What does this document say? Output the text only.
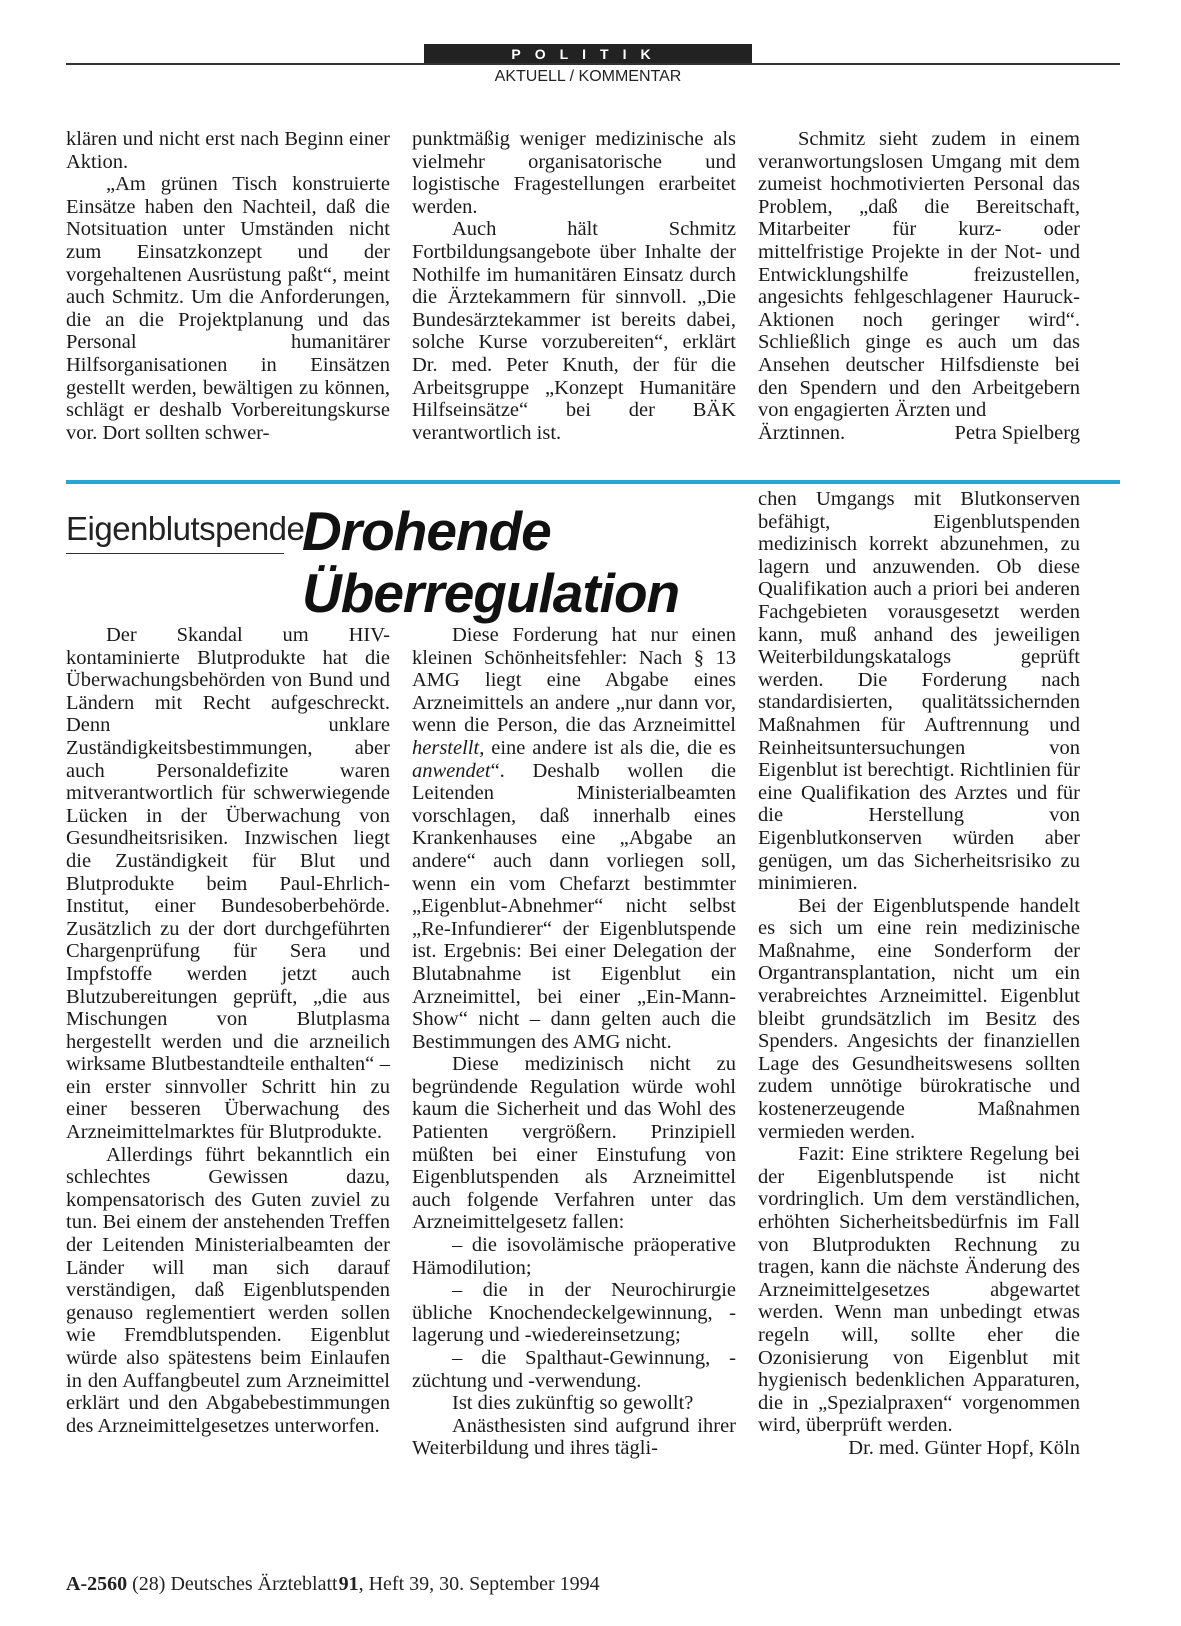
POLITIK
AKTUELL / KOMMENTAR

klären und nicht erst nach Beginn einer Aktion.

„Am grünen Tisch konstruierte Einsätze haben den Nachteil, daß die Notsituation unter Umständen nicht zum Einsatzkonzept und der vorgehaltenen Ausrüstung paßt“, meint auch Schmitz. Um die Anforderungen, die an die Projektplanung und das Personal humanitärer Hilfsorganisationen in Einsätzen gestellt werden, bewältigen zu können, schlägt er deshalb Vorbereitungskurse vor. Dort sollten schwer-

punktmäßig weniger medizinische als vielmehr organisatorische und logistische Fragestellungen erarbeitet werden.

Auch hält Schmitz Fortbildungsangebote über Inhalte der Nothilfe im humanitären Einsatz durch die Ärztekammern für sinnvoll. „Die Bundesärztekammer ist bereits dabei, solche Kurse vorzubereiten“, erklärt Dr. med. Peter Knuth, der für die Arbeitsgruppe „Konzept Humanitäre Hilfseinsätze“ bei der BÄK verantwortlich ist.

Schmitz sieht zudem in einem veranwortungslosen Umgang mit dem zumeist hochmotivierten Personal das Problem, „daß die Bereitschaft, Mitarbeiter für kurz- oder mittelfristige Projekte in der Not- und Entwicklungshilfe freizustellen, angesichts fehlgeschlagener Hauruck-Aktionen noch geringer wird“. Schließlich ginge es auch um das Ansehen deutscher Hilfsdienste bei den Spendern und den Arbeitgebern von engagierten Ärzten und

Ärztinnen.	Petra Spielberg
Eigenblutspende
Drohende
Überregulation

Der Skandal um HIV-kontaminierte Blutprodukte hat die Überwachungsbehörden von Bund und Ländern mit Recht aufgeschreckt. Denn unklare Zuständigkeitsbestimmungen, aber auch Personaldefizite waren mitverantwortlich für schwerwiegende Lücken in der Überwachung von Gesundheitsrisiken. Inzwischen liegt die Zuständigkeit für Blut und Blutprodukte beim Paul-Ehrlich-Institut, einer Bundesoberbehörde. Zusätzlich zu der dort durchgeführten Chargenprüfung für Sera und Impfstoffe werden jetzt auch Blutzubereitungen geprüft, „die aus Mischungen von Blutplasma hergestellt werden und die arzneilich wirksame Blutbestandteile enthalten“ – ein erster sinnvoller Schritt hin zu einer besseren Überwachung des Arzneimittelmarktes für Blutprodukte.

Allerdings führt bekanntlich ein schlechtes Gewissen dazu, kompensatorisch des Guten zuviel zu tun. Bei einem der anstehenden Treffen der Leitenden Ministerialbeamten der Länder will man sich darauf verständigen, daß Eigenblutspenden genauso reglementiert werden sollen wie Fremdblutspenden. Eigenblut würde also spätestens beim Einlaufen in den Auffangbeutel zum Arzneimittel erklärt und den Abgabebestimmungen des Arzneimittelgesetzes unterworfen.

Diese Forderung hat nur einen kleinen Schönheitsfehler: Nach § 13 AMG liegt eine Abgabe eines Arzneimittels an andere „nur dann vor, wenn die Person, die das Arzneimittel herstellt, eine andere ist als die, die es anwendet“. Deshalb wollen die Leitenden Ministerialbeamten vorschlagen, daß innerhalb eines Krankenhauses eine „Abgabe an andere“ auch dann vorliegen soll, wenn ein vom Chefarzt bestimmter „Eigenblut-Abnehmer“ nicht selbst „Re-Infundierer“ der Eigenblutspende ist. Ergebnis: Bei einer Delegation der Blutabnahme ist Eigenblut ein Arzneimittel, bei einer „Ein-Mann-Show“ nicht – dann gelten auch die Bestimmungen des AMG nicht.

Diese medizinisch nicht zu begründende Regulation würde wohl kaum die Sicherheit und das Wohl des Patienten vergrößern. Prinzipiell müßten bei einer Einstufung von Eigenblutspenden als Arzneimittel auch folgende Verfahren unter das Arzneimittelgesetz fallen:

– die isovolämische präoperative Hämodilution;

– die in der Neurochirurgie übliche Knochendeckelgewinnung, -lagerung und -wiedereinsetzung;

– die Spalthaut-Gewinnung, -züchtung und -verwendung.

Ist dies zukünftig so gewollt?

Anästhesisten sind aufgrund ihrer Weiterbildung und ihres tägli-

chen Umgangs mit Blutkonserven befähigt, Eigenblutspenden medizinisch korrekt abzunehmen, zu lagern und anzuwenden. Ob diese Qualifikation auch a priori bei anderen Fachgebieten vorausgesetzt werden kann, muß anhand des jeweiligen Weiterbildungskatalogs geprüft werden. Die Forderung nach standardisierten, qualitätssichernden Maßnahmen für Auftrennung und Reinheitsuntersuchungen von Eigenblut ist berechtigt. Richtlinien für eine Qualifikation des Arztes und für die Herstellung von Eigenblutkonserven würden aber genügen, um das Sicherheitsrisiko zu minimieren.

Bei der Eigenblutspende handelt es sich um eine rein medizinische Maßnahme, eine Sonderform der Organtransplantation, nicht um ein verabreichtes Arzneimittel. Eigenblut bleibt grundsätzlich im Besitz des Spenders. Angesichts der finanziellen Lage des Gesundheitswesens sollten zudem unnötige bürokratische und kostenerzeugende Maßnahmen vermieden werden.

Fazit: Eine striktere Regelung bei der Eigenblutspende ist nicht vordringlich. Um dem verständlichen, erhöhten Sicherheitsbedürfnis im Fall von Blutprodukten Rechnung zu tragen, kann die nächste Änderung des Arzneimittelgesetzes abgewartet werden. Wenn man unbedingt etwas regeln will, sollte eher die Ozonisierung von Eigenblut mit hygienisch bedenklichen Apparaturen, die in „Spezialpraxen“ vorgenommen wird, überprüft werden.

Dr. med. Günter Hopf, Köln

A-2560 (28) Deutsches Ärzteblatt 91, Heft 39, 30. September 1994
